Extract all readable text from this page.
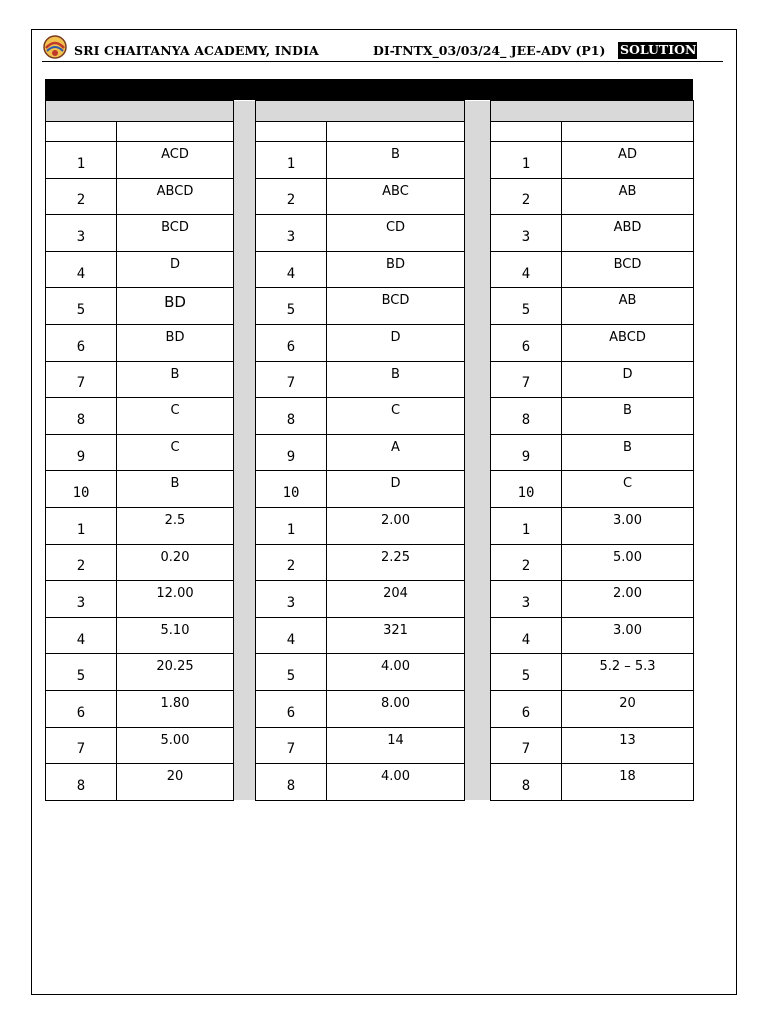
SRI CHAITANYA ACADEMY, INDIA	DI-TNTX_03/03/24_ JEE-ADV (P1) SOLUTION

1	ACD		1	B		1	AD
2	ABCD		2	ABC		2	AB
3	BCD		3	CD		3	ABD
4	D		4	BD		4	BCD
5	BD		5	BCD		5	AB
6	BD		6	D		6	ABCD
7	B		7	B		7	D
8	C		8	C		8	B
9	C		9	A		9	B
10	B		10	D		10	C
1	2.5		1	2.00		1	3.00
2	0.20		2	2.25		2	5.00
3	12.00		3	204		3	2.00
4	5.10		4	321		4	3.00
5	20.25		5	4.00		5	5.2 – 5.3
6	1.80		6	8.00		6	20
7	5.00		7	14		7	13
8	20		8	4.00		8	18
